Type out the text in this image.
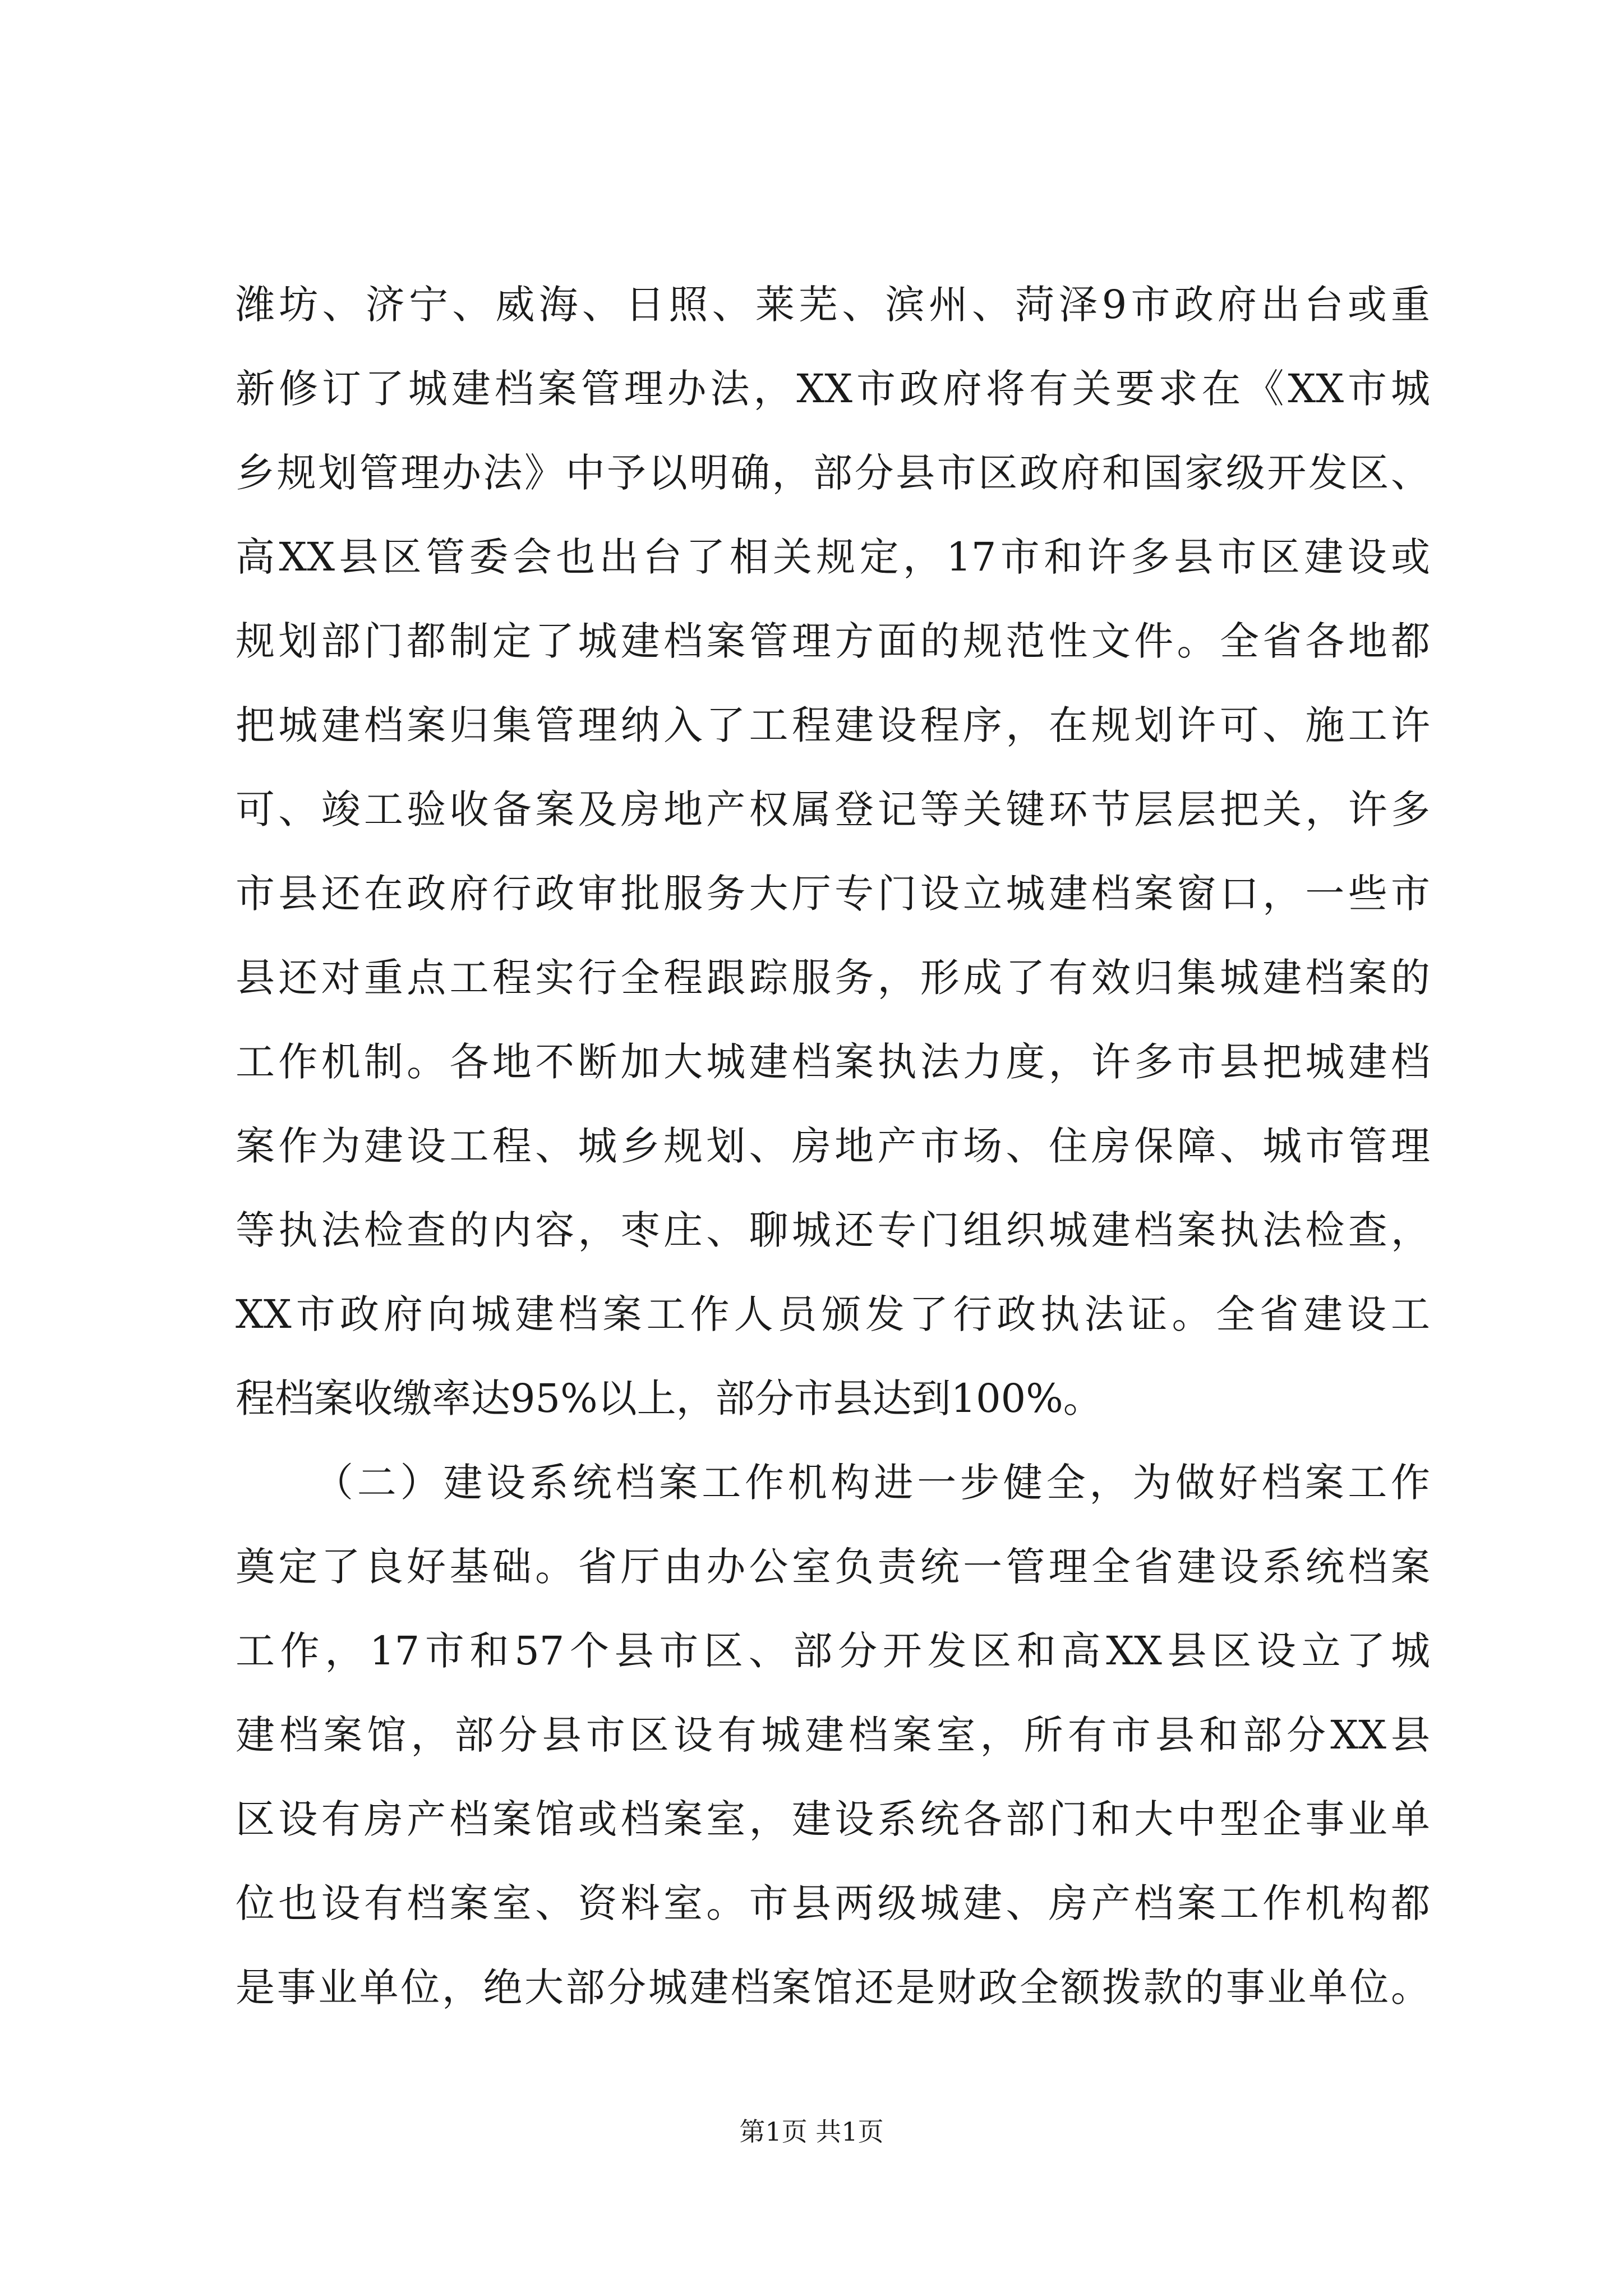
潍坊、济宁、威海、日照、莱芜、滨州、菏泽9市政府出台或重
新修订了城建档案管理办法，XX市政府将有关要求在《XX市城
乡规划管理办法》中予以明确，部分县市区政府和国家级开发区、
高XX县区管委会也出台了相关规定，17市和许多县市区建设或
规划部门都制定了城建档案管理方面的规范性文件。全省各地都
把城建档案归集管理纳入了工程建设程序，在规划许可、施工许
可、竣工验收备案及房地产权属登记等关键环节层层把关，许多
市县还在政府行政审批服务大厅专门设立城建档案窗口，一些市
县还对重点工程实行全程跟踪服务，形成了有效归集城建档案的
工作机制。各地不断加大城建档案执法力度，许多市县把城建档
案作为建设工程、城乡规划、房地产市场、住房保障、城市管理
等执法检查的内容，枣庄、聊城还专门组织城建档案执法检查，
XX市政府向城建档案工作人员颁发了行政执法证。全省建设工
程档案收缴率达95%以上，部分市县达到100%。
（二）建设系统档案工作机构进一步健全，为做好档案工作
奠定了良好基础。省厅由办公室负责统一管理全省建设系统档案
工作，17市和57个县市区、部分开发区和高XX县区设立了城
建档案馆，部分县市区设有城建档案室，所有市县和部分XX县
区设有房产档案馆或档案室，建设系统各部门和大中型企事业单
位也设有档案室、资料室。市县两级城建、房产档案工作机构都
是事业单位，绝大部分城建档案馆还是财政全额拨款的事业单位。
第1页 共1页
